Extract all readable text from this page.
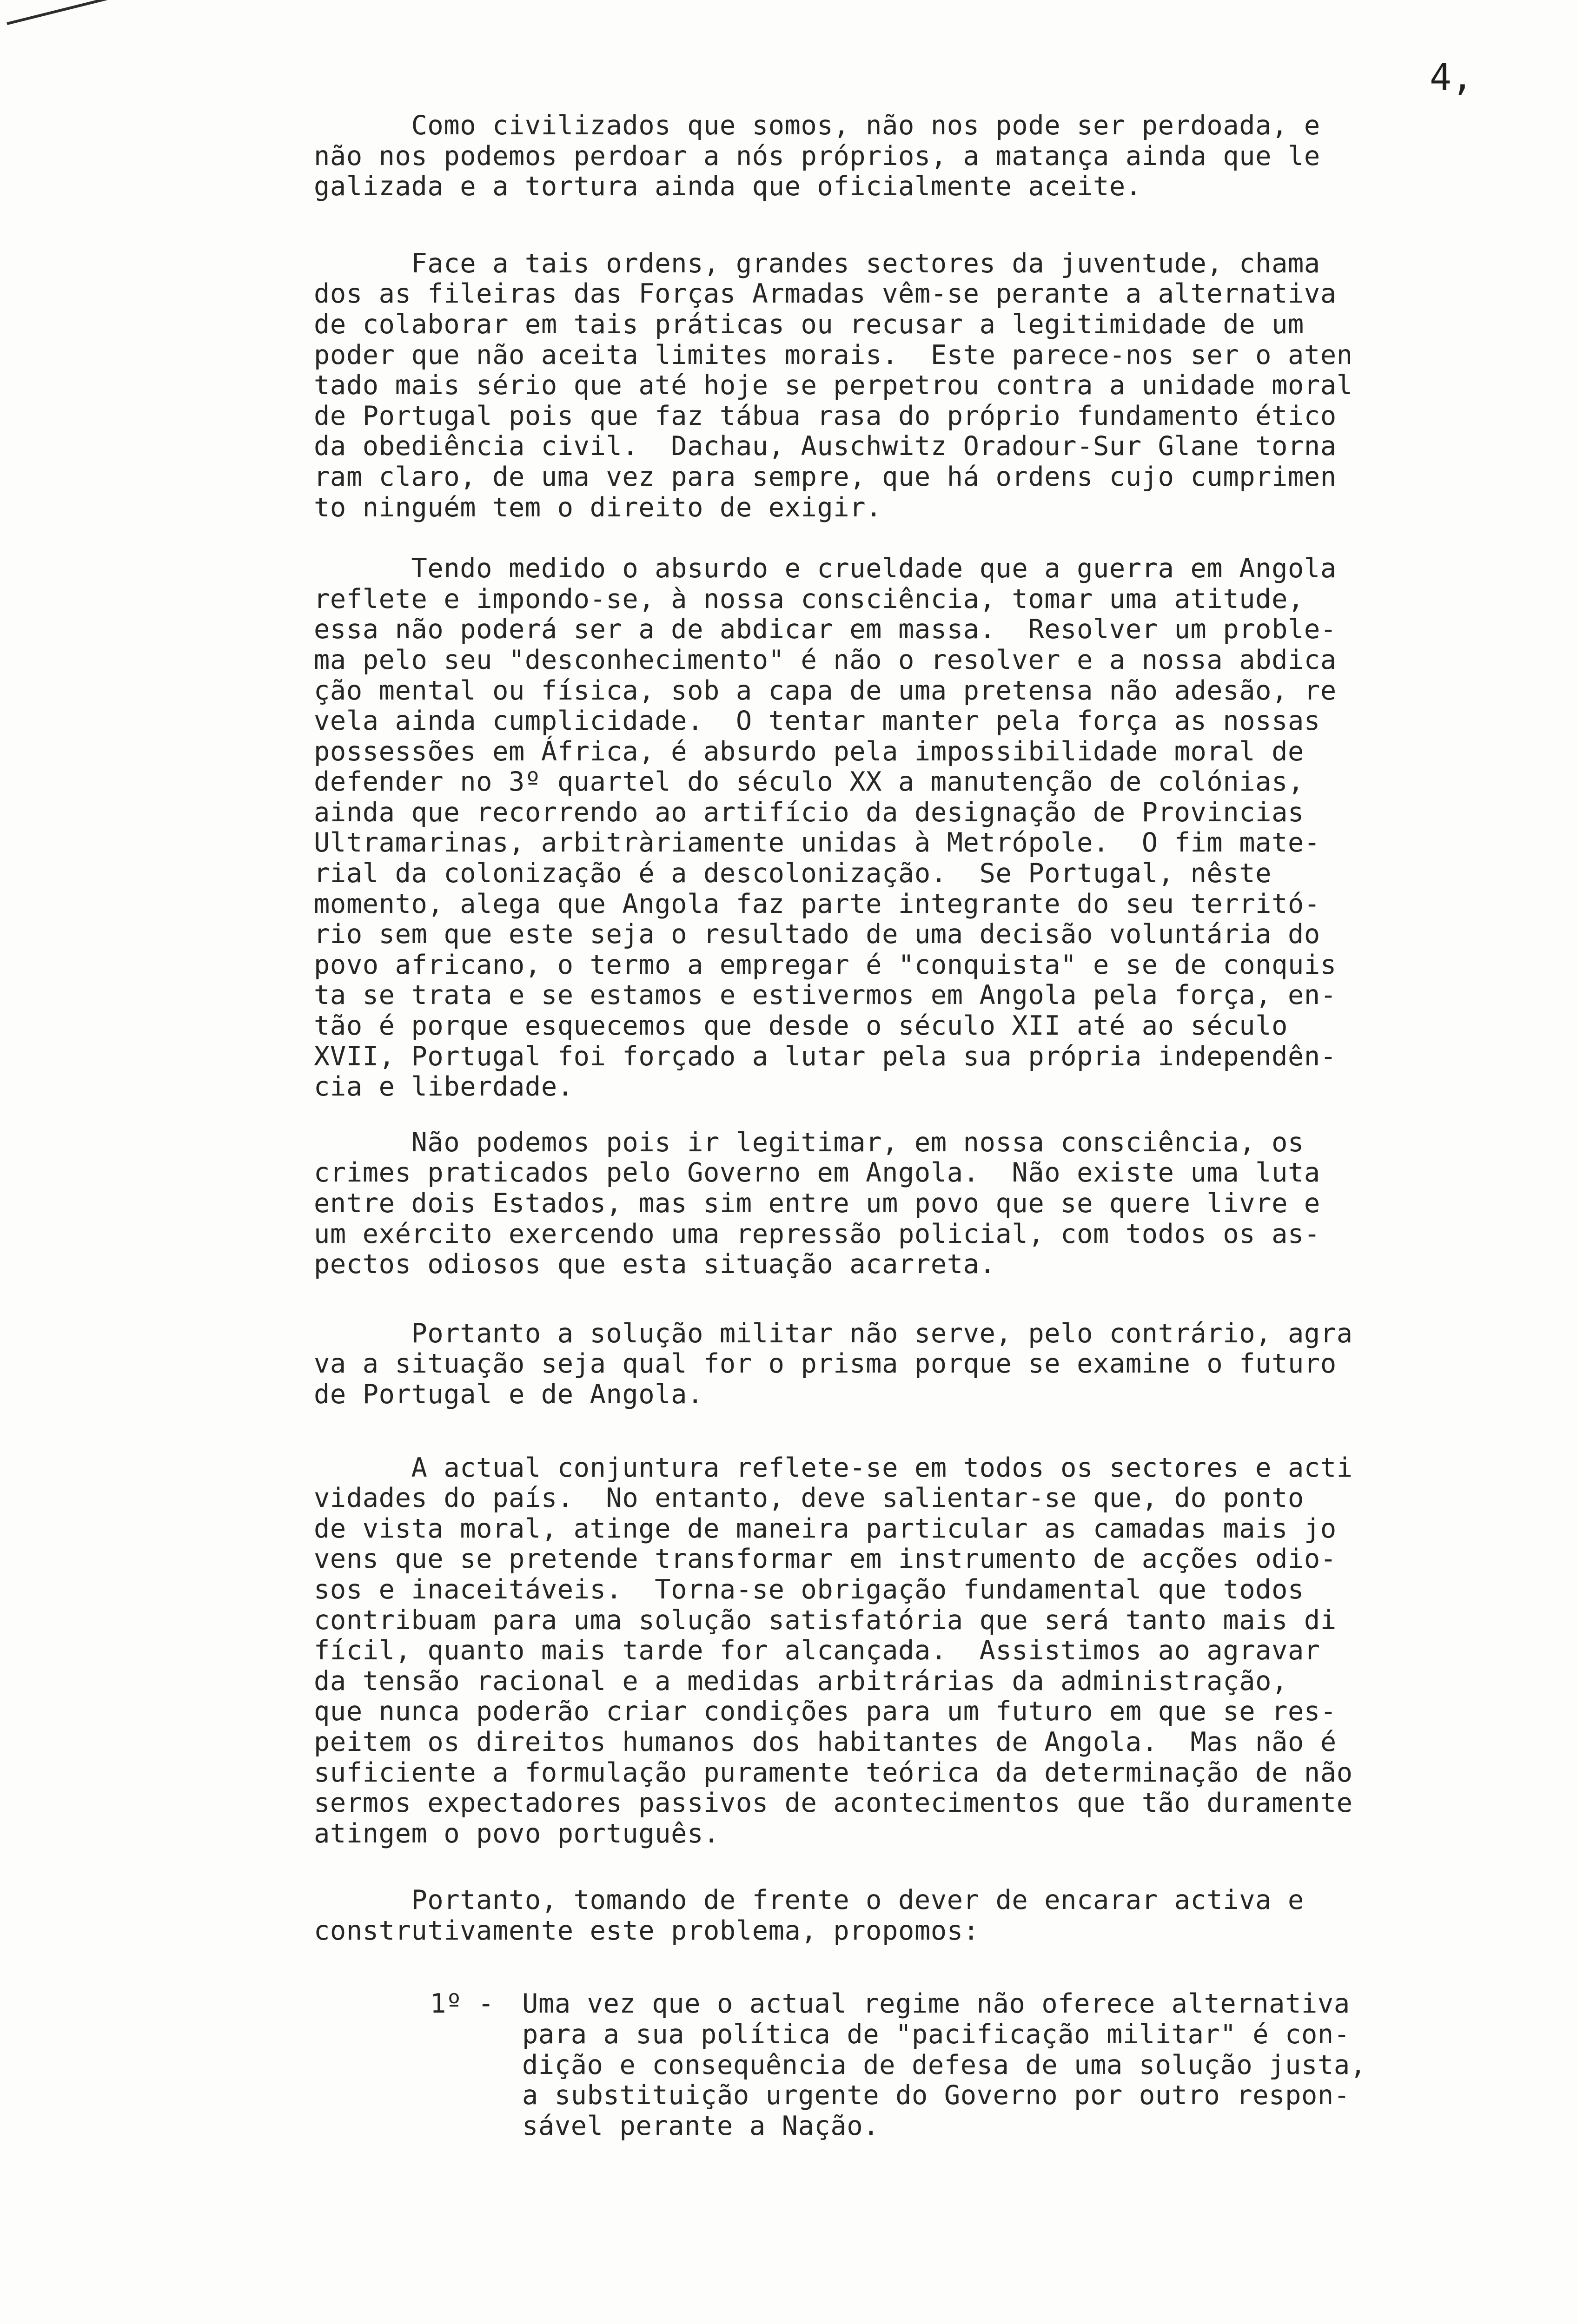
4,
Como civilizados que somos, não nos pode ser perdoada, e
não nos podemos perdoar a nós próprios, a matança ainda que le
galizada e a tortura ainda que oficialmente aceite.
Face a tais ordens, grandes sectores da juventude, chama
dos as fileiras das Forças Armadas vêm-se perante a alternativa
de colaborar em tais práticas ou recusar a legitimidade de um
poder que não aceita limites morais.  Este parece-nos ser o aten
tado mais sério que até hoje se perpetrou contra a unidade moral
de Portugal pois que faz tábua rasa do próprio fundamento ético
da obediência civil.  Dachau, Auschwitz Oradour-Sur Glane torna
ram claro, de uma vez para sempre, que há ordens cujo cumprimen
to ninguém tem o direito de exigir.
Tendo medido o absurdo e crueldade que a guerra em Angola
reflete e impondo-se, à nossa consciência, tomar uma atitude,
essa não poderá ser a de abdicar em massa.  Resolver um proble-
ma pelo seu "desconhecimento" é não o resolver e a nossa abdica
ção mental ou física, sob a capa de uma pretensa não adesão, re
vela ainda cumplicidade.  O tentar manter pela força as nossas
possessões em África, é absurdo pela impossibilidade moral de
defender no 3º quartel do século XX a manutenção de colónias,
ainda que recorrendo ao artifício da designação de Provincias
Ultramarinas, arbitràriamente unidas à Metrópole.  O fim mate-
rial da colonização é a descolonização.  Se Portugal, nêste
momento, alega que Angola faz parte integrante do seu territó-
rio sem que este seja o resultado de uma decisão voluntária do
povo africano, o termo a empregar é "conquista" e se de conquis
ta se trata e se estamos e estivermos em Angola pela força, en-
tão é porque esquecemos que desde o século XII até ao século
XVII, Portugal foi forçado a lutar pela sua própria independên-
cia e liberdade.
Não podemos pois ir legitimar, em nossa consciência, os
crimes praticados pelo Governo em Angola.  Não existe uma luta
entre dois Estados, mas sim entre um povo que se quere livre e
um exército exercendo uma repressão policial, com todos os as-
pectos odiosos que esta situação acarreta.
Portanto a solução militar não serve, pelo contrário, agra
va a situação seja qual for o prisma porque se examine o futuro
de Portugal e de Angola.
A actual conjuntura reflete-se em todos os sectores e acti
vidades do país.  No entanto, deve salientar-se que, do ponto
de vista moral, atinge de maneira particular as camadas mais jo
vens que se pretende transformar em instrumento de acções odio-
sos e inaceitáveis.  Torna-se obrigação fundamental que todos
contribuam para uma solução satisfatória que será tanto mais di
fícil, quanto mais tarde for alcançada.  Assistimos ao agravar
da tensão racional e a medidas arbitrárias da administração,
que nunca poderão criar condições para um futuro em que se res-
peitem os direitos humanos dos habitantes de Angola.  Mas não é
suficiente a formulação puramente teórica da determinação de não
sermos expectadores passivos de acontecimentos que tão duramente
atingem o povo português.
Portanto, tomando de frente o dever de encarar activa e
construtivamente este problema, propomos:
1º - Uma vez que o actual regime não oferece alternativa
para a sua política de "pacificação militar" é con-
dição e consequência de defesa de uma solução justa,
a substituição urgente do Governo por outro respon-
sável perante a Nação.
